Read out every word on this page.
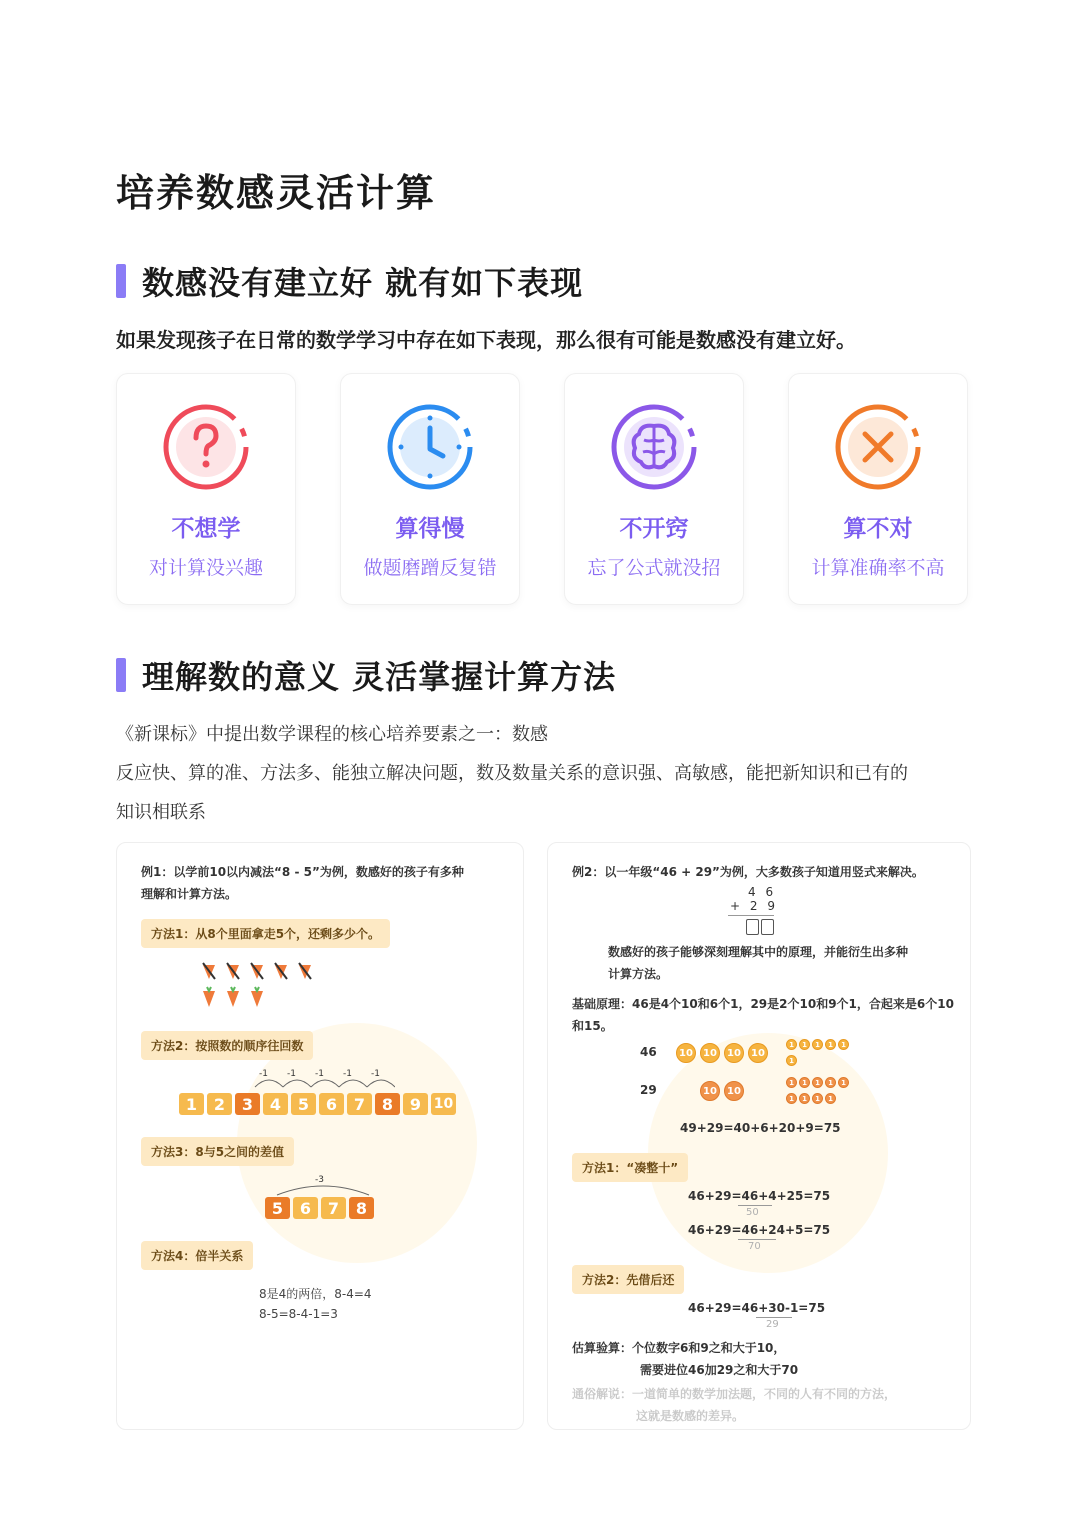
培养数感灵活计算
数感没有建立好 就有如下表现
如果发现孩子在日常的数学学习中存在如下表现，那么很有可能是数感没有建立好。
不想学
对计算没兴趣
算得慢
做题磨蹭反复错
不开窍
忘了公式就没招
算不对
计算准确率不高
理解数的意义 灵活掌握计算方法
《新课标》中提出数学课程的核心培养要素之一：数感
反应快、算的准、方法多、能独立解决问题，数及数量关系的意识强、高敏感，能把新知识和已有的
知识相联系
例1：以学前10以内减法“8 - 5”为例，数感好的孩子有多种
理解和计算方法。
方法1：从8个里面拿走5个，还剩多少个。
方法2：按照数的顺序往回数
-1 -1 -1 -1 -1
1	2	3	4	5	6	7	8	9 10
方法3：8与5之间的差值
-3
5	6	7	8
方法4：倍半关系
8是4的两倍，8-4=4
8-5=8-4-1=3
例2：以一年级“46 + 29”为例，大多数孩子知道用竖式来解决。
4 6
+ 2 9
数感好的孩子能够深刻理解其中的原理，并能衍生出多种
计算方法。
基础原理：46是4个10和6个1，29是2个10和9个1，合起来是6个10
和15。
46	10	10	10	10
1	1	1	1	1
1
29	10	10
1	1	1	1	1
1	1	1	1
49+29=40+6+20+9=75
方法1：“凑整十”
46+29=46+4+25=75
50
46+29=46+24+5=75
70
方法2：先借后还
46+29=46+30-1=75
29
估算验算：个位数字6和9之和大于10，
需要进位46加29之和大于70
通俗解说：一道简单的数学加法题，不同的人有不同的方法，
这就是数感的差异。
